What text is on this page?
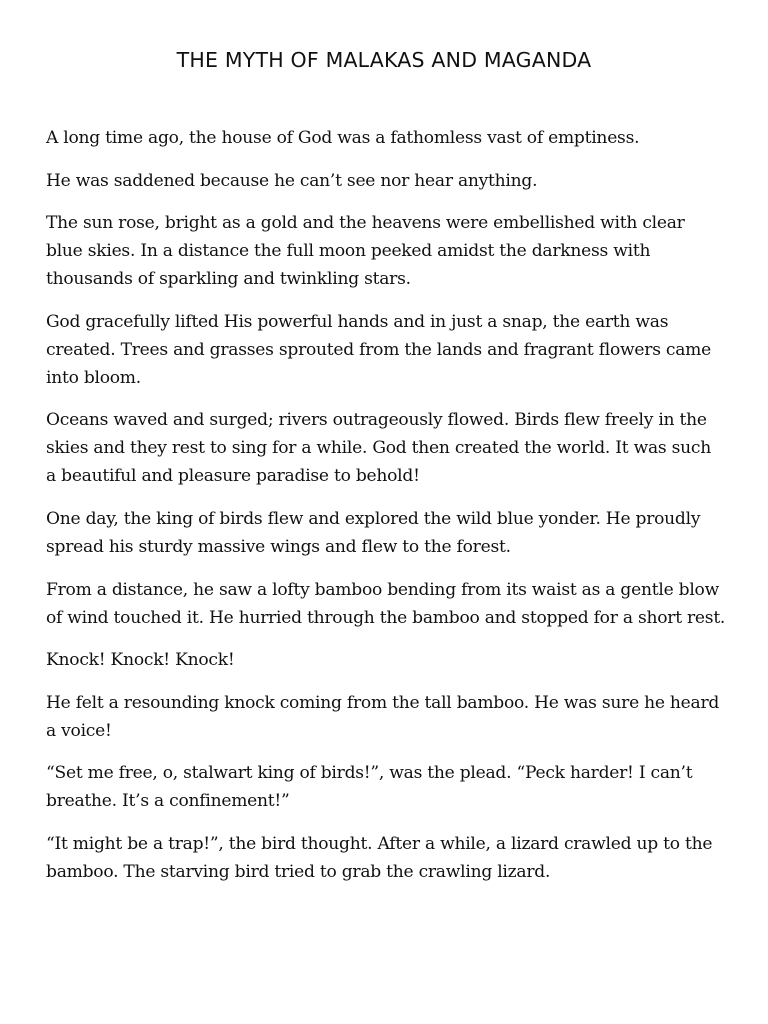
THE MYTH OF MALAKAS AND MAGANDA

A long time ago, the house of God was a fathomless vast of emptiness.

He was saddened because he can’t see nor hear anything.

The sun rose, bright as a gold and the heavens were embellished with clear blue skies. In a distance the full moon peeked amidst the darkness with thousands of sparkling and twinkling stars.

God gracefully lifted His powerful hands and in just a snap, the earth was created. Trees and grasses sprouted from the lands and fragrant flowers came into bloom.

Oceans waved and surged; rivers outrageously flowed. Birds flew freely in the skies and they rest to sing for a while. God then created the world. It was such a beautiful and pleasure paradise to behold!

One day, the king of birds flew and explored the wild blue yonder. He proudly spread his sturdy massive wings and flew to the forest.

From a distance, he saw a lofty bamboo bending from its waist as a gentle blow of wind touched it. He hurried through the bamboo and stopped for a short rest.

Knock! Knock! Knock!

He felt a resounding knock coming from the tall bamboo. He was sure he heard a voice!

“Set me free, o, stalwart king of birds!”, was the plead. “Peck harder! I can’t breathe. It’s a confinement!”

“It might be a trap!”, the bird thought. After a while, a lizard crawled up to the bamboo. The starving bird tried to grab the crawling lizard.
